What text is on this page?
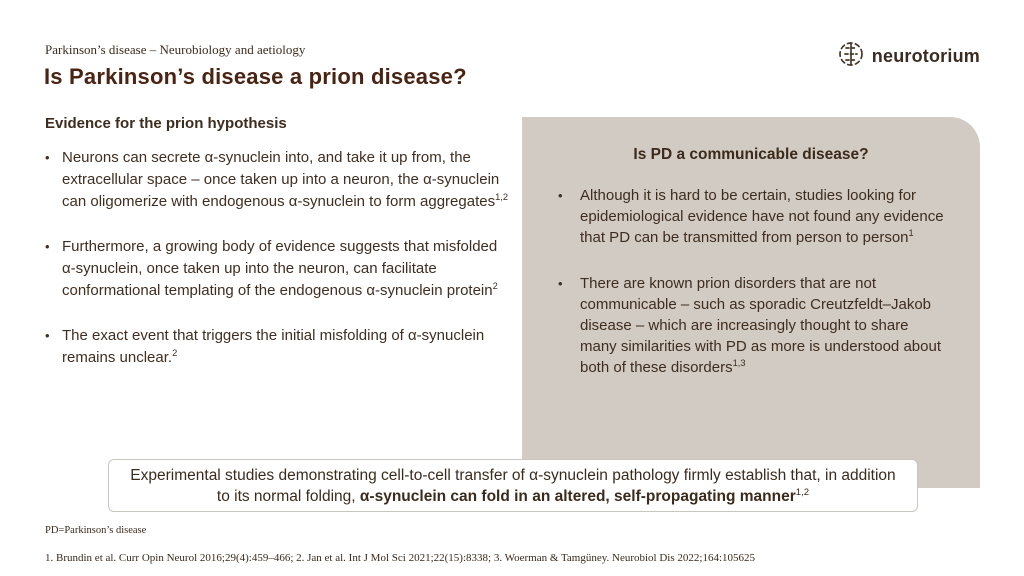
Parkinson’s disease – Neurobiology and aetiology
Is Parkinson’s disease a prion disease?
neurotorium
Evidence for the prion hypothesis
• Neurons can secrete α-synuclein into, and take it up from, the extracellular space – once taken up into a neuron, the α-synuclein can oligomerize with endogenous α-synuclein to form aggregates$^{1,2}$
• Furthermore, a growing body of evidence suggests that misfolded α-synuclein, once taken up into the neuron, can facilitate conformational templating of the endogenous α-synuclein protein$^2$
• The exact event that triggers the initial misfolding of α-synuclein remains unclear.$^2$
Is PD a communicable disease?
•	Although it is hard to be certain, studies looking for epidemiological evidence have not found any evidence that PD can be transmitted from person to person$^1$
•	There are known prion disorders that are not communicable – such as sporadic Creutzfeldt–Jakob disease – which are increasingly thought to share many similarities with PD as more is understood about both of these disorders$^{1,3}$
Experimental studies demonstrating cell-to-cell transfer of α-synuclein pathology firmly establish that, in addition to its normal folding, α-synuclein can fold in an altered, self-propagating manner$^{1,2}$
PD=Parkinson’s disease
1. Brundin et al. Curr Opin Neurol 2016;29(4):459–466; 2. Jan et al. Int J Mol Sci 2021;22(15):8338; 3. Woerman & Tamgüney. Neurobiol Dis 2022;164:105625
